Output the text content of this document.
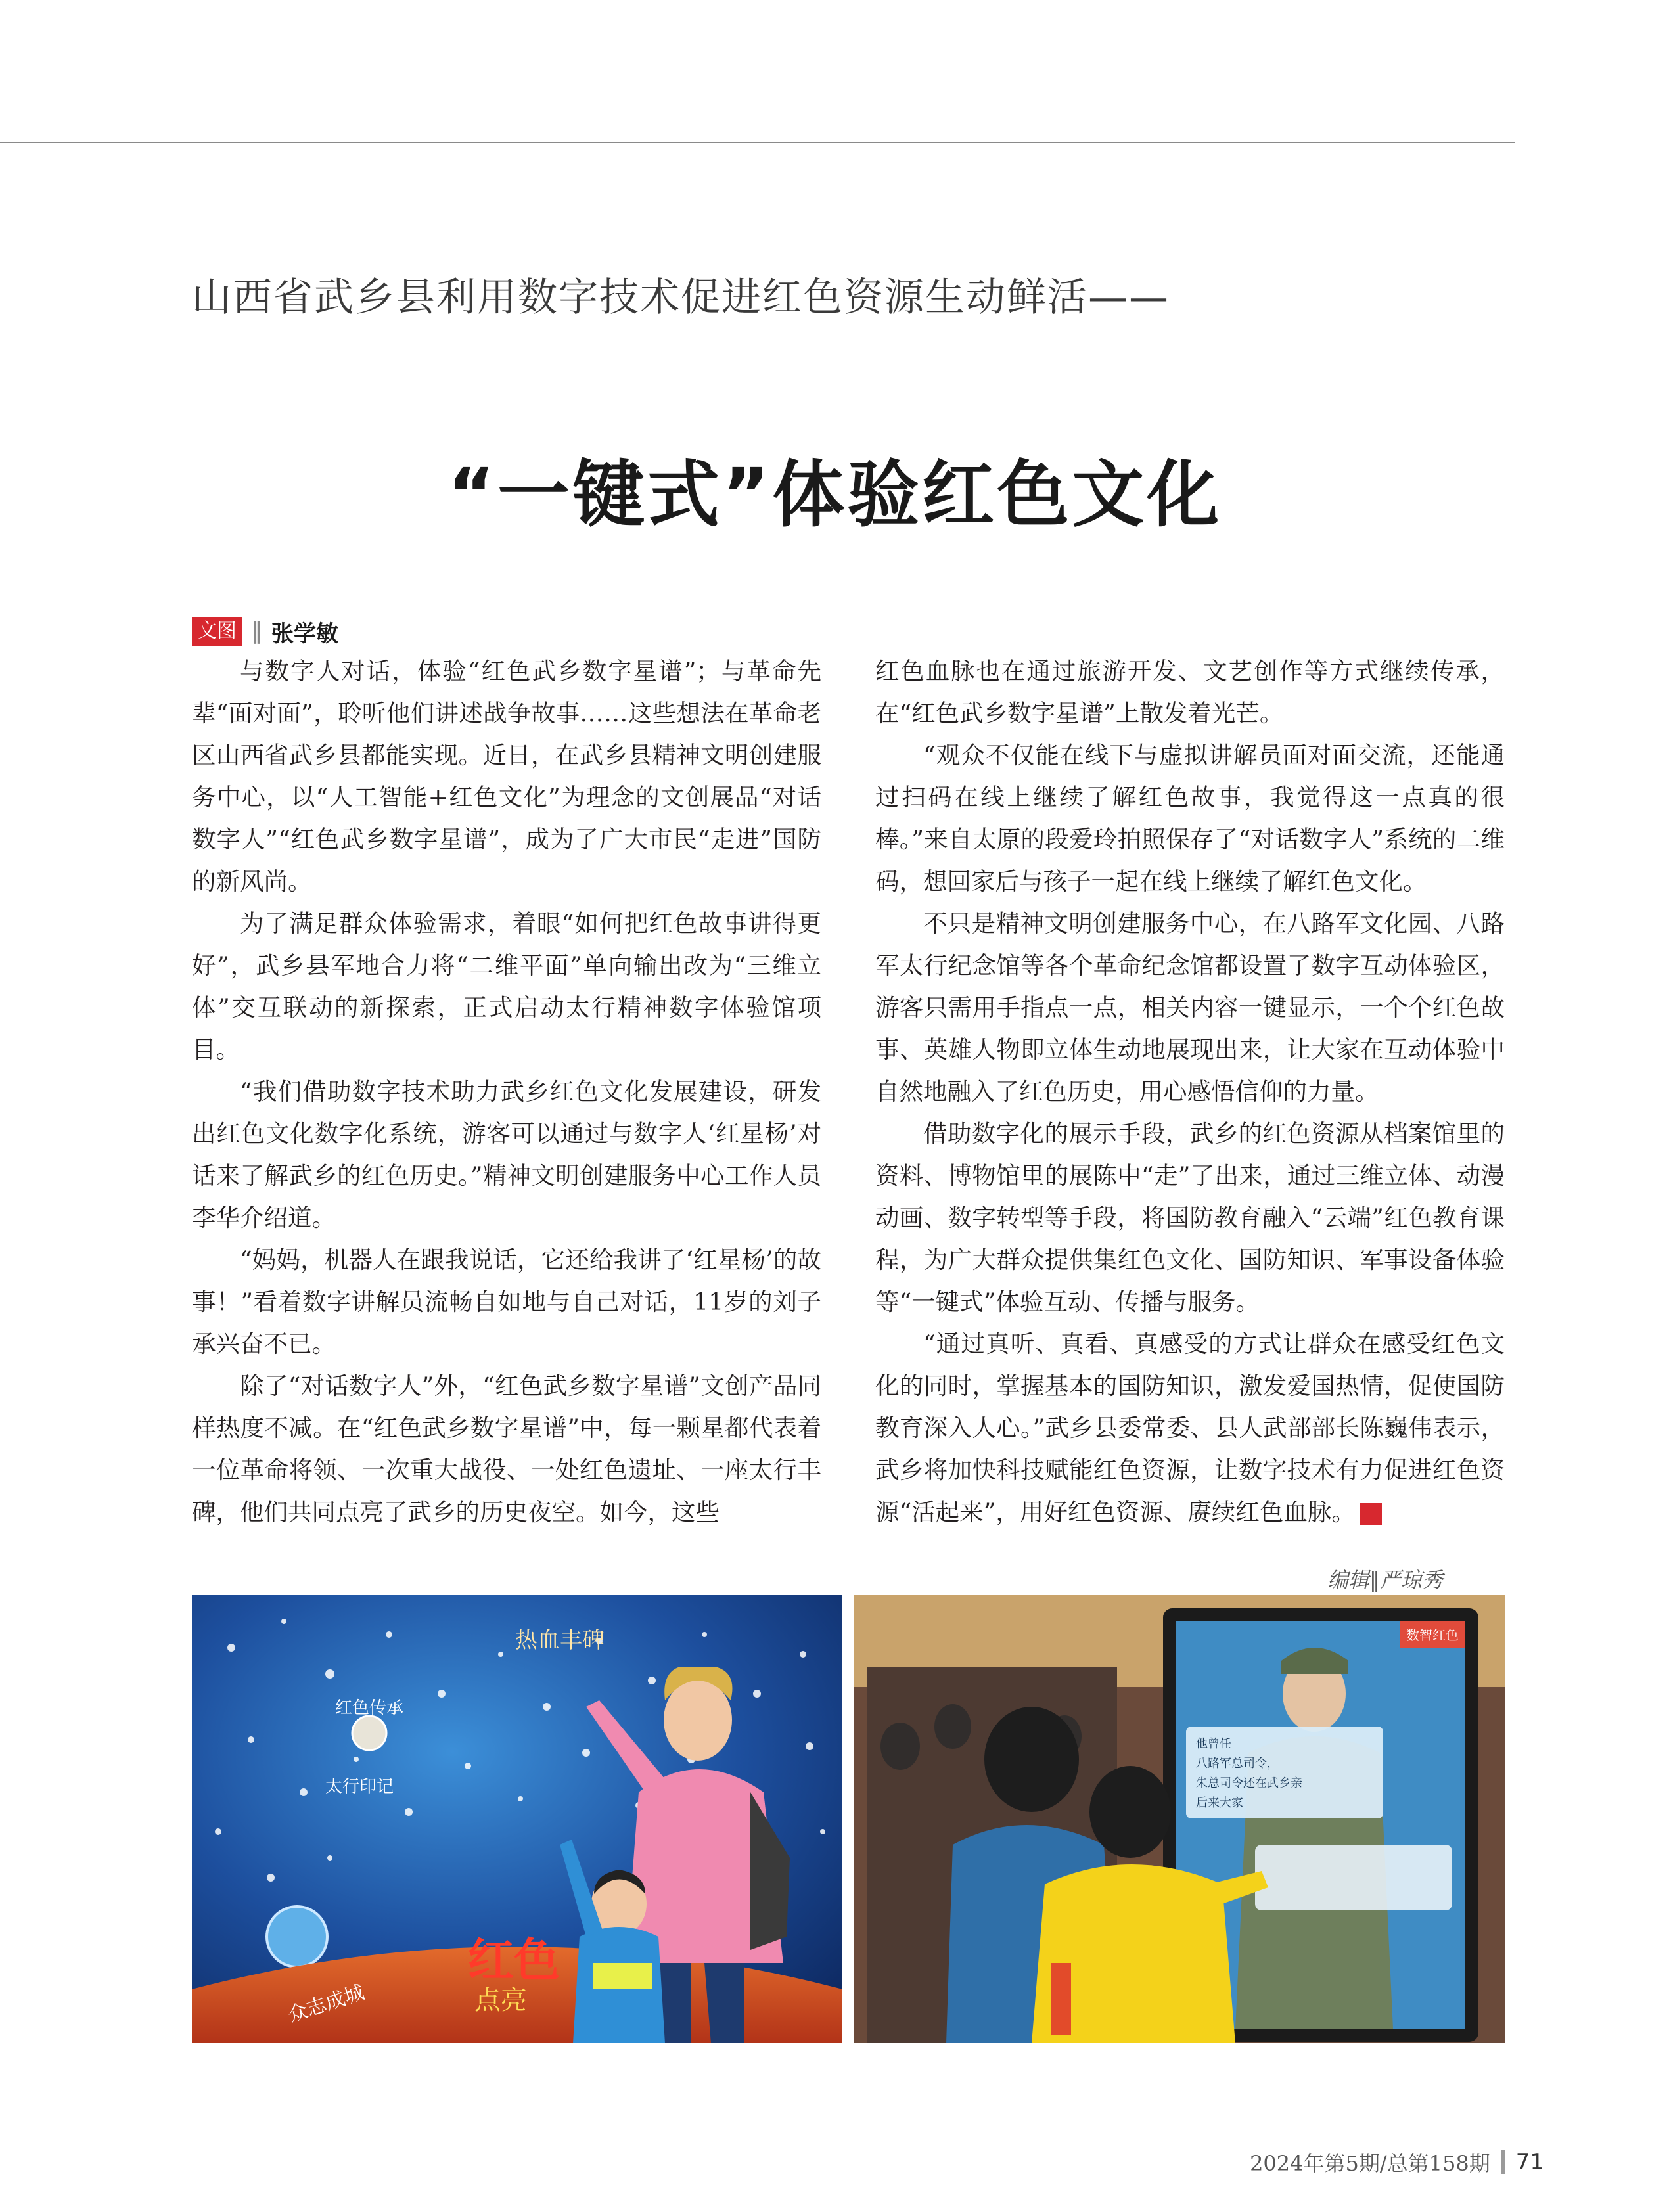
山西省武乡县利用数字技术促进红色资源生动鲜活——
“一键式”体验红色文化
文图 ‖ 张学敏

与数字人对话，体验“红色武乡数字星谱”；与革命先辈“面对面”，聆听他们讲述战争故事……这些想法在革命老区山西省武乡县都能实现。近日，在武乡县精神文明创建服务中心，以“人工智能+红色文化”为理念的文创展品“对话数字人”“红色武乡数字星谱”，成为了广大市民“走进”国防的新风尚。

为了满足群众体验需求，着眼“如何把红色故事讲得更好”，武乡县军地合力将“二维平面”单向输出改为“三维立体”交互联动的新探索，正式启动太行精神数字体验馆项目。

“我们借助数字技术助力武乡红色文化发展建设，研发出红色文化数字化系统，游客可以通过与数字人‘红星杨’对话来了解武乡的红色历史。”精神文明创建服务中心工作人员李华介绍道。

“妈妈，机器人在跟我说话，它还给我讲了‘红星杨’的故事！”看着数字讲解员流畅自如地与自己对话，11岁的刘子承兴奋不已。

除了“对话数字人”外，“红色武乡数字星谱”文创产品同样热度不减。在“红色武乡数字星谱”中，每一颗星都代表着一位革命将领、一次重大战役、一处红色遗址、一座太行丰碑，他们共同点亮了武乡的历史夜空。如今，这些

红色血脉也在通过旅游开发、文艺创作等方式继续传承，在“红色武乡数字星谱”上散发着光芒。

“观众不仅能在线下与虚拟讲解员面对面交流，还能通过扫码在线上继续了解红色故事，我觉得这一点真的很棒。”来自太原的段爱玲拍照保存了“对话数字人”系统的二维码，想回家后与孩子一起在线上继续了解红色文化。

不只是精神文明创建服务中心，在八路军文化园、八路军太行纪念馆等各个革命纪念馆都设置了数字互动体验区，游客只需用手指点一点，相关内容一键显示，一个个红色故事、英雄人物即立体生动地展现出来，让大家在互动体验中自然地融入了红色历史，用心感悟信仰的力量。

借助数字化的展示手段，武乡的红色资源从档案馆里的资料、博物馆里的展陈中“走”了出来，通过三维立体、动漫动画、数字转型等手段，将国防教育融入“云端”红色教育课程，为广大群众提供集红色文化、国防知识、军事设备体验等“一键式”体验互动、传播与服务。

“通过真听、真看、真感受的方式让群众在感受红色文化的同时，掌握基本的国防知识，激发爱国热情，促使国防教育深入人心。”武乡县委常委、县人武部部长陈巍伟表示，武乡将加快科技赋能红色资源，让数字技术有力促进红色资源“活起来”，用好红色资源、赓续红色血脉。	G

编辑‖严琼秀
红色传承
热血丰碑
太行印记
红色
点亮
众志成城
数智红色
他曾任
八路军总司令，
朱总司令还在武乡亲
后来大家
2024年第5期/总第158期 71
